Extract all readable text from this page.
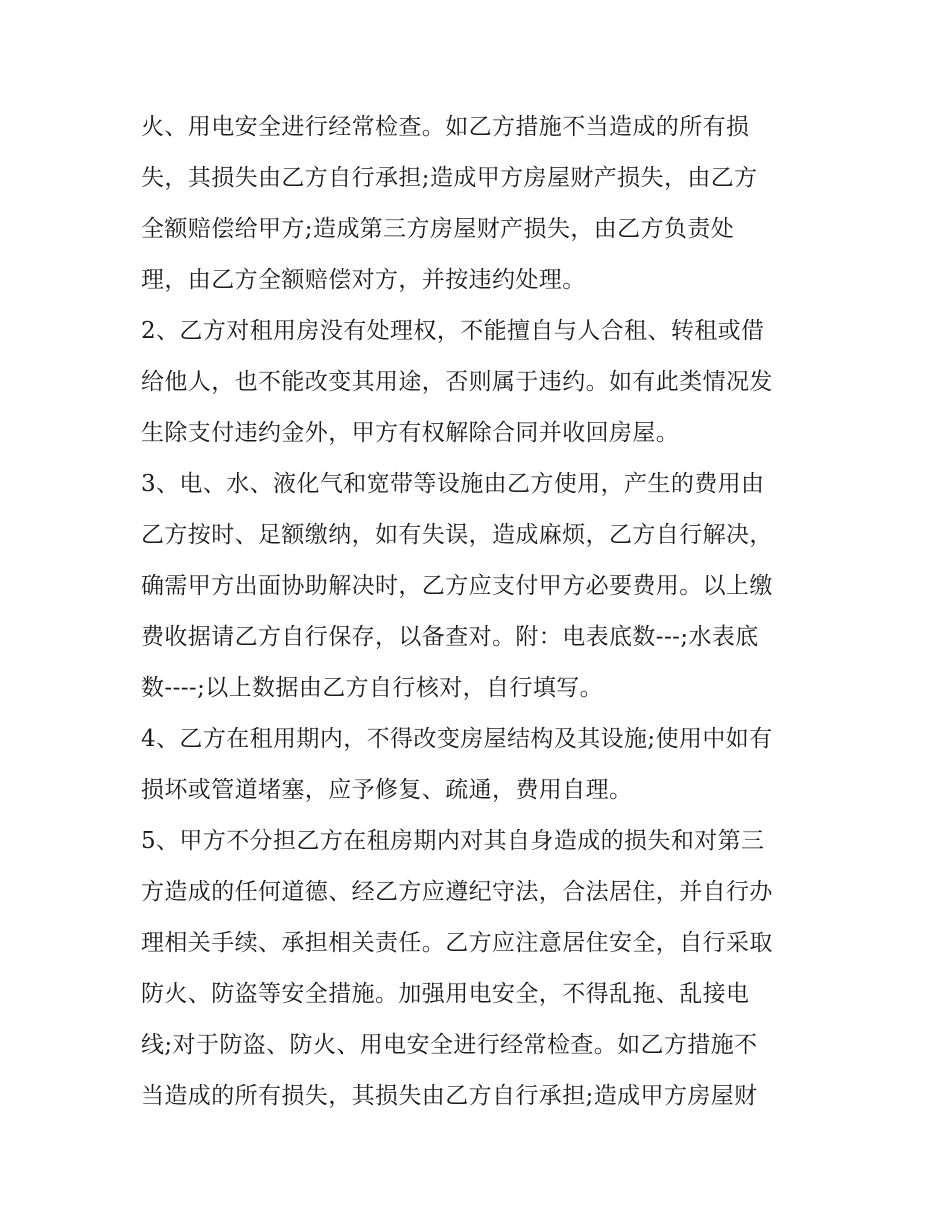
火、用电安全进行经常检查。如乙方措施不当造成的所有损
失，其损失由乙方自行承担;造成甲方房屋财产损失，由乙方
全额赔偿给甲方;造成第三方房屋财产损失，由乙方负责处
理，由乙方全额赔偿对方，并按违约处理。
2、乙方对租用房没有处理权，不能擅自与人合租、转租或借
给他人，也不能改变其用途，否则属于违约。如有此类情况发
生除支付违约金外，甲方有权解除合同并收回房屋。
3、电、水、液化气和宽带等设施由乙方使用，产生的费用由
乙方按时、足额缴纳，如有失误，造成麻烦，乙方自行解决，
确需甲方出面协助解决时，乙方应支付甲方必要费用。以上缴
费收据请乙方自行保存，以备查对。附：电表底数---;水表底
数----;以上数据由乙方自行核对，自行填写。
4、乙方在租用期内，不得改变房屋结构及其设施;使用中如有
损坏或管道堵塞，应予修复、疏通，费用自理。
5、甲方不分担乙方在租房期内对其自身造成的损失和对第三
方造成的任何道德、经乙方应遵纪守法，合法居住，并自行办
理相关手续、承担相关责任。乙方应注意居住安全，自行采取
防火、防盗等安全措施。加强用电安全，不得乱拖、乱接电
线;对于防盗、防火、用电安全进行经常检查。如乙方措施不
当造成的所有损失，其损失由乙方自行承担;造成甲方房屋财
